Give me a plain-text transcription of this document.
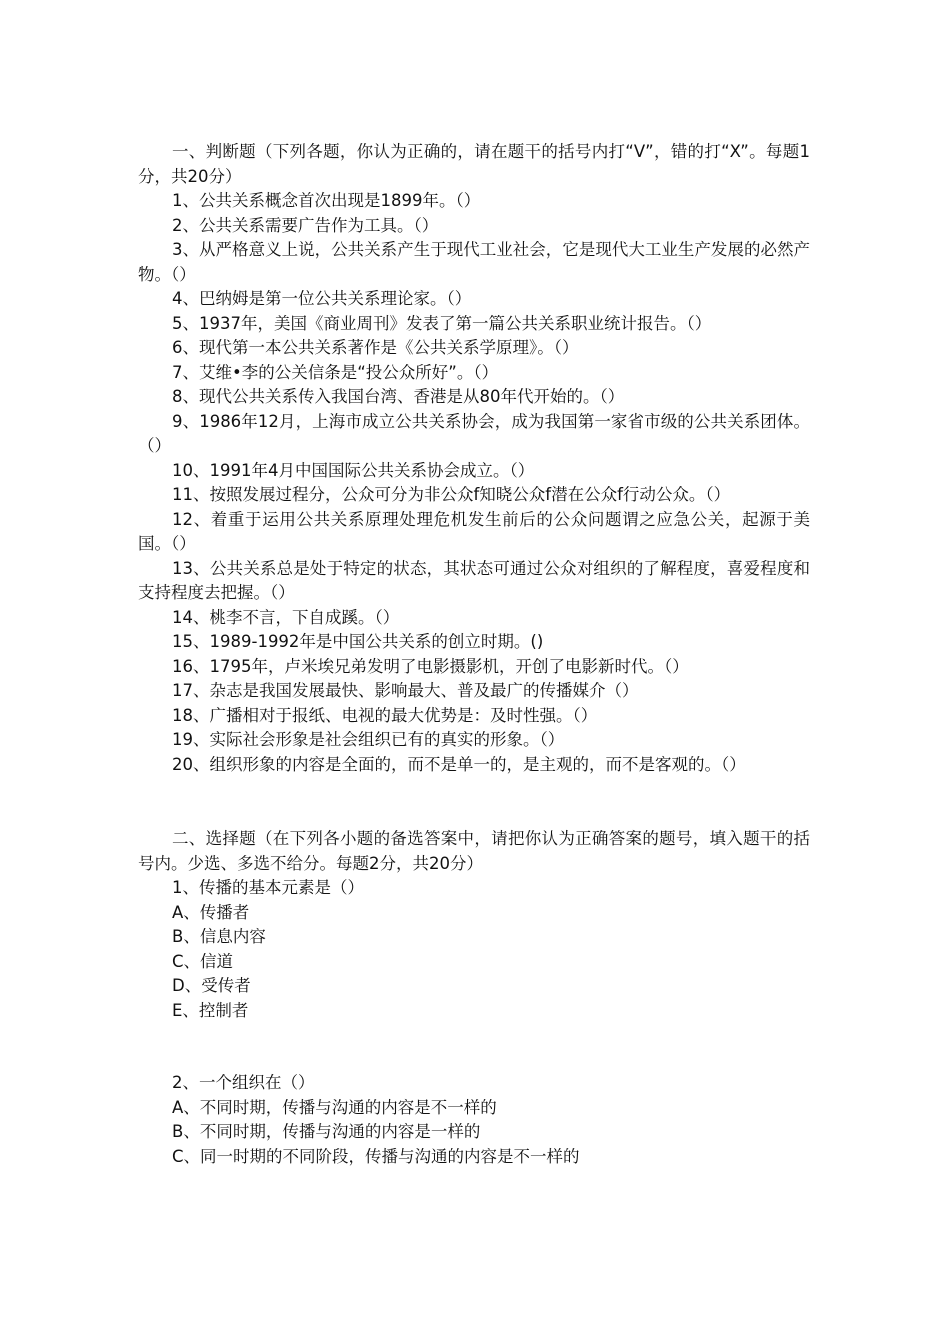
一、判断题（下列各题，你认为正确的，请在题干的括号内打“V”，错的打“X”。每题1分，共20分）

1、公共关系概念首次出现是1899年。（）

2、公共关系需要广告作为工具。（）

3、从严格意义上说，公共关系产生于现代工业社会，它是现代大工业生产发展的必然产物。（）

4、巴纳姆是第一位公共关系理论家。（）

5、1937年，美国《商业周刊》发表了第一篇公共关系职业统计报告。（）

6、现代第一本公共关系著作是《公共关系学原理》。（）

7、艾维•李的公关信条是“投公众所好”。（）

8、现代公共关系传入我国台湾、香港是从80年代开始的。（）

9、1986年12月，上海市成立公共关系协会，成为我国第一家省市级的公共关系团体。（）

10、1991年4月中国国际公共关系协会成立。（）

11、按照发展过程分，公众可分为非公众f知晓公众f潜在公众f行动公众。（）

12、着重于运用公共关系原理处理危机发生前后的公众问题谓之应急公关，起源于美国。（）

13、公共关系总是处于特定的状态，其状态可通过公众对组织的了解程度，喜爱程度和支持程度去把握。（）

14、桃李不言，下自成蹊。（）

15、1989-1992年是中国公共关系的创立时期。()

16、1795年，卢米埃兄弟发明了电影摄影机，开创了电影新时代。（）

17、杂志是我国发展最快、影响最大、普及最广的传播媒介（）

18、广播相对于报纸、电视的最大优势是：及时性强。（）

19、实际社会形象是社会组织已有的真实的形象。（）

20、组织形象的内容是全面的，而不是单一的，是主观的，而不是客观的。（）

二、选择题（在下列各小题的备选答案中，请把你认为正确答案的题号，填入题干的括号内。少选、多选不给分。每题2分，共20分）

1、传播的基本元素是（）

A、传播者

B、信息内容

C、信道

D、受传者

E、控制者

2、一个组织在（）

A、不同时期，传播与沟通的内容是不一样的

B、不同时期，传播与沟通的内容是一样的

C、同一时期的不同阶段，传播与沟通的内容是不一样的
